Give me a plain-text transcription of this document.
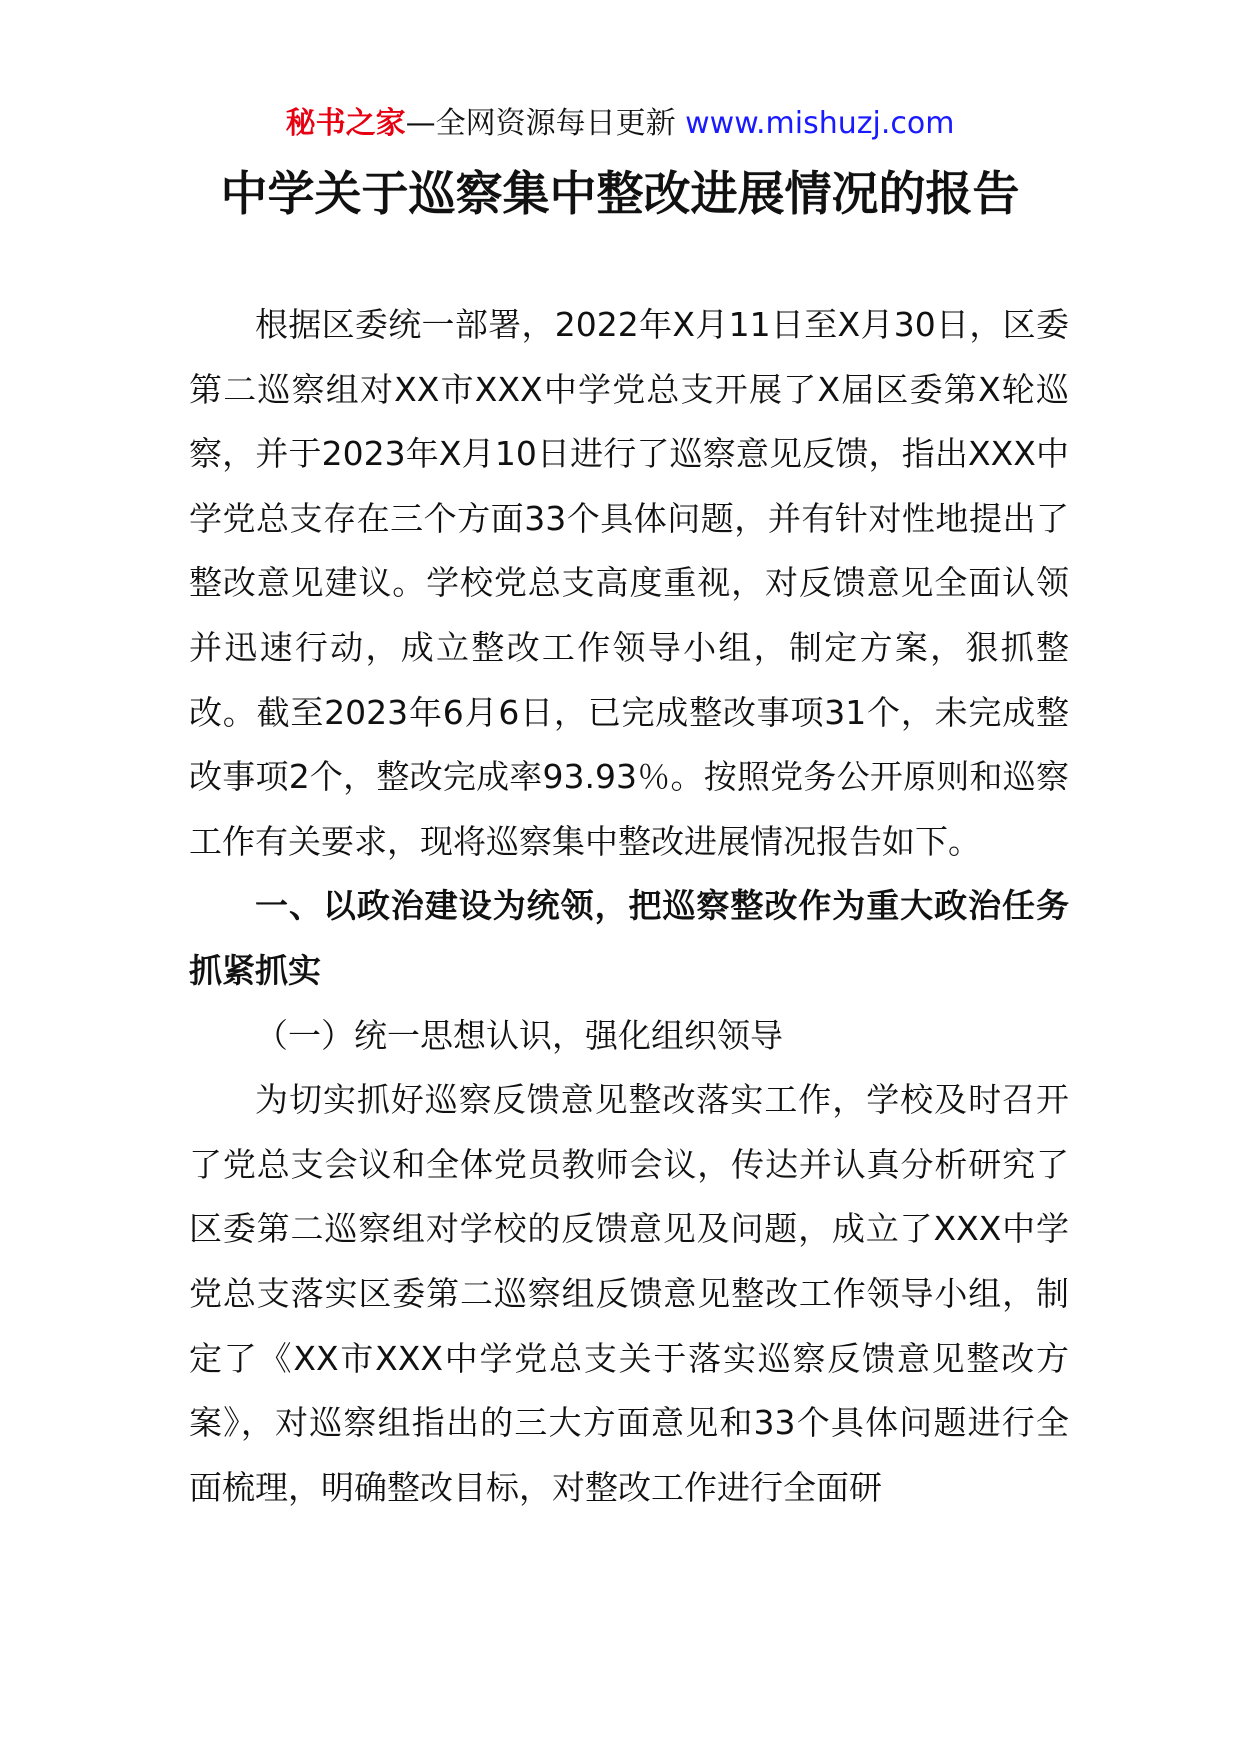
秘书之家—全网资源每日更新 www.mishuzj.com
中学关于巡察集中整改进展情况的报告

根据区委统一部署，2022年X月11日至X月30日，区委第二巡察组对XX市XXX中学党总支开展了X届区委第X轮巡察，并于2023年X月10日进行了巡察意见反馈，指出XXX中学党总支存在三个方面33个具体问题，并有针对性地提出了整改意见建议。学校党总支高度重视，对反馈意见全面认领并迅速行动，成立整改工作领导小组，制定方案，狠抓整改。截至2023年6月6日，已完成整改事项31个，未完成整改事项2个，整改完成率93.93％。按照党务公开原则和巡察工作有关要求，现将巡察集中整改进展情况报告如下。

一、以政治建设为统领，把巡察整改作为重大政治任务抓紧抓实

（一）统一思想认识，强化组织领导

为切实抓好巡察反馈意见整改落实工作，学校及时召开了党总支会议和全体党员教师会议，传达并认真分析研究了区委第二巡察组对学校的反馈意见及问题，成立了XXX中学党总支落实区委第二巡察组反馈意见整改工作领导小组，制定了《XX市XXX中学党总支关于落实巡察反馈意见整改方案》，对巡察组指出的三大方面意见和33个具体问题进行全面梳理，明确整改目标，对整改工作进行全面研
